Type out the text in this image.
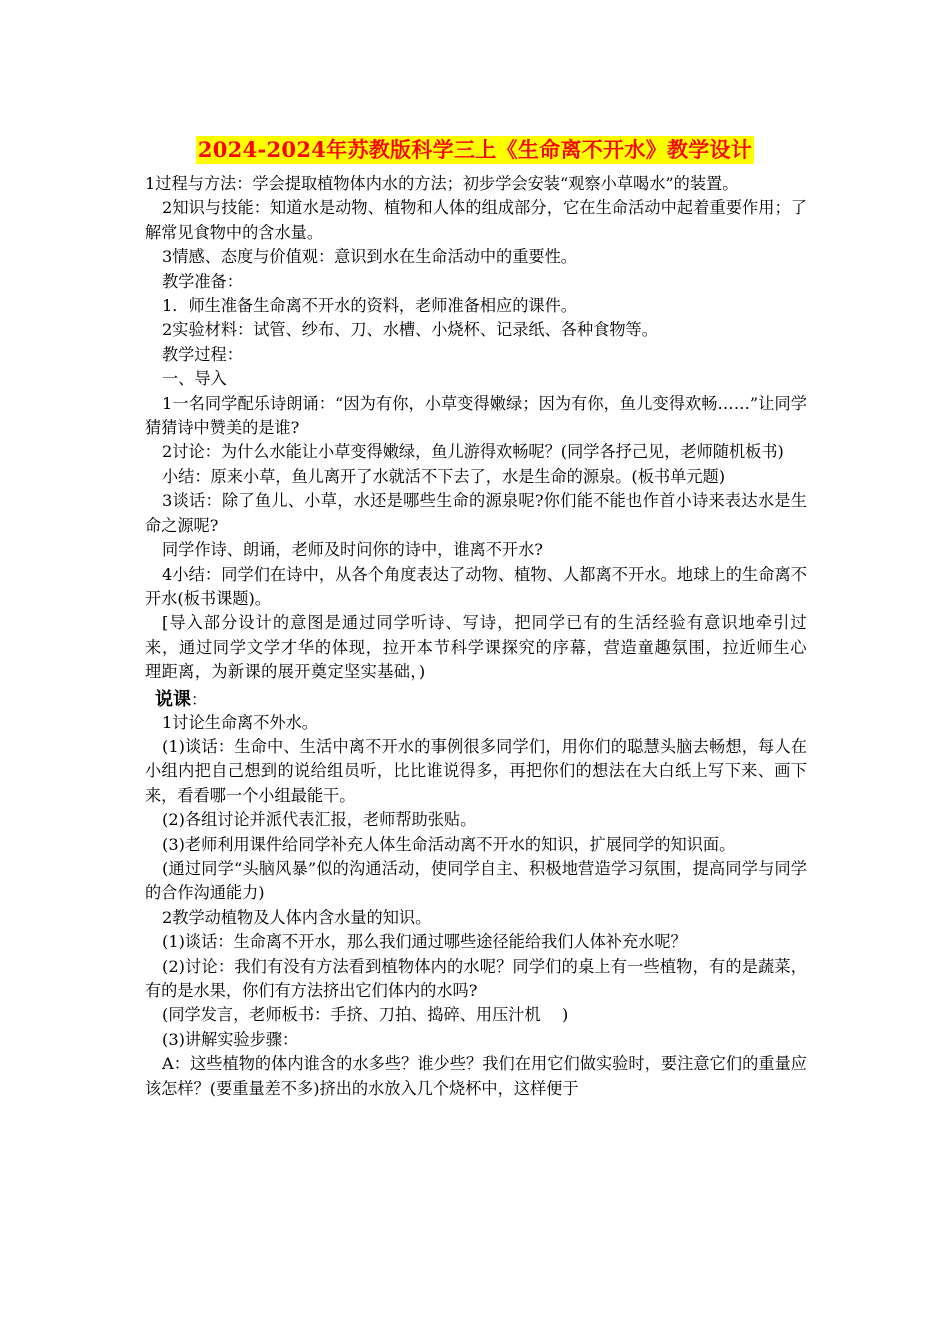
2024-2024年苏教版科学三上《生命离不开水》教学设计

1过程与方法：学会提取植物体内水的方法；初步学会安装“观察小草喝水”的装置。

2知识与技能：知道水是动物、植物和人体的组成部分，它在生命活动中起着重要作用；了解常见食物中的含水量。

3情感、态度与价值观：意识到水在生命活动中的重要性。

教学准备：

1．师生准备生命离不开水的资料，老师准备相应的课件。

2实验材料：试管、纱布、刀、水槽、小烧杯、记录纸、各种食物等。

教学过程：

一、导入

1一名同学配乐诗朗诵：“因为有你，小草变得嫩绿；因为有你，鱼儿变得欢畅……”让同学猜猜诗中赞美的是谁?

2讨论：为什么水能让小草变得嫩绿，鱼儿游得欢畅呢？(同学各抒己见，老师随机板书)

小结：原来小草，鱼儿离开了水就活不下去了，水是生命的源泉。(板书单元题)

3谈话：除了鱼儿、小草，水还是哪些生命的源泉呢?你们能不能也作首小诗来表达水是生命之源呢?

同学作诗、朗诵，老师及时问你的诗中，谁离不开水?

4小结：同学们在诗中，从各个角度表达了动物、植物、人都离不开水。地球上的生命离不开水(板书课题)。

[导入部分设计的意图是通过同学听诗、写诗，把同学已有的生活经验有意识地牵引过来，通过同学文学才华的体现，拉开本节科学课探究的序幕，营造童趣氛围，拉近师生心理距离，为新课的展开奠定坚实基础，)

说课：

1讨论生命离不外水。

(1)谈话：生命中、生活中离不开水的事例很多同学们，用你们的聪慧头脑去畅想，每人在小组内把自己想到的说给组员听，比比谁说得多，再把你们的想法在大白纸上写下来、画下来，看看哪一个小组最能干。

(2)各组讨论并派代表汇报，老师帮助张贴。

(3)老师利用课件给同学补充人体生命活动离不开水的知识，扩展同学的知识面。

(通过同学“头脑风暴”似的沟通活动，使同学自主、积极地营造学习氛围，提高同学与同学的合作沟通能力)

2教学动植物及人体内含水量的知识。

(1)谈话：生命离不开水，那么我们通过哪些途径能给我们人体补充水呢？

(2)讨论：我们有没有方法看到植物体内的水呢？同学们的桌上有一些植物，有的是蔬菜，有的是水果，你们有方法挤出它们体内的水吗?

(同学发言，老师板书：手挤、刀拍、捣碎、用压汁机　 )

(3)讲解实验步骤：

A：这些植物的体内谁含的水多些？谁少些？我们在用它们做实验时，要注意它们的重量应该怎样？(要重量差不多)挤出的水放入几个烧杯中，这样便于
